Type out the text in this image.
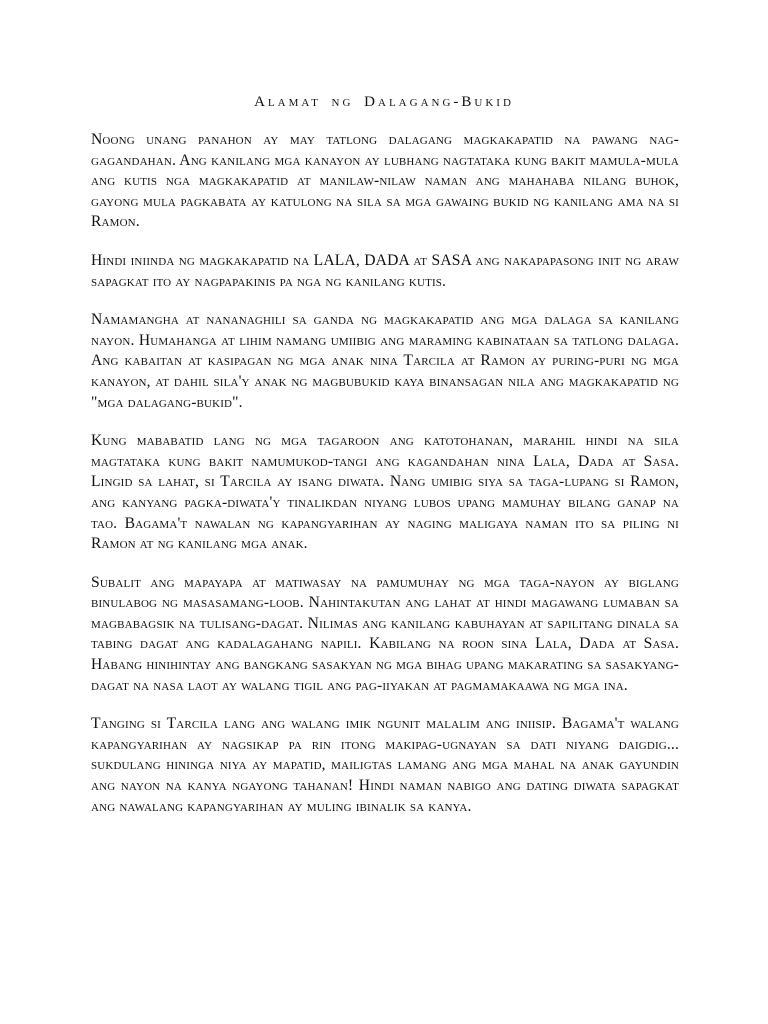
Alamat ng Dalagang-Bukid

Noong unang panahon ay may tatlong dalagang magkakapatid na pawang nag-gagandahan. Ang kanilang mga kanayon ay lubhang nagtataka kung bakit mamula-mula ang kutis nga magkakapatid at manilaw-nilaw naman ang mahahaba nilang buhok, gayong mula pagkabata ay katulong na sila sa mga gawaing bukid ng kanilang ama na si Ramon.

Hindi iniinda ng magkakapatid na LALA, DADA at SASA ang nakapapasong init ng araw sapagkat ito ay nagpapakinis pa nga ng kanilang kutis.

Namamangha at nananaghili sa ganda ng magkakapatid ang mga dalaga sa kanilang nayon. Humahanga at lihim namang umiibig ang maraming kabinataan sa tatlong dalaga. Ang kabaitan at kasipagan ng mga anak nina Tarcila at Ramon ay puring-puri ng mga kanayon, at dahil sila'y anak ng magbubukid kaya binansagan nila ang magkakapatid ng "mga dalagang-bukid".

Kung mababatid lang ng mga tagaroon ang katotohanan, marahil hindi na sila magtataka kung bakit namumukod-tangi ang kagandahan nina Lala, Dada at Sasa. Lingid sa lahat, si Tarcila ay isang diwata. Nang umibig siya sa taga-lupang si Ramon, ang kanyang pagka-diwata'y tinalikdan niyang lubos upang mamuhay bilang ganap na tao. Bagama't nawalan ng kapangyarihan ay naging maligaya naman ito sa piling ni Ramon at ng kanilang mga anak.

Subalit ang mapayapa at matiwasay na pamumuhay ng mga taga-nayon ay biglang binulabog ng masasamang-loob. Nahintakutan ang lahat at hindi magawang lumaban sa magbabagsik na tulisang-dagat. Nilimas ang kanilang kabuhayan at sapilitang dinala sa tabing dagat ang kadalagahang napili. Kabilang na roon sina Lala, Dada at Sasa. Habang hinihintay ang bangkang sasakyan ng mga bihag upang makarating sa sasakyang-dagat na nasa laot ay walang tigil ang pag-iiyakan at pagmamakaawa ng mga ina.

Tanging si Tarcila lang ang walang imik ngunit malalim ang iniisip. Bagama't walang kapangyarihan ay nagsikap pa rin itong makipag-ugnayan sa dati niyang daigdig... sukdulang hininga niya ay mapatid, mailigtas lamang ang mga mahal na anak gayundin ang nayon na kanya ngayong tahanan! Hindi naman nabigo ang dating diwata sapagkat ang nawalang kapangyarihan ay muling ibinalik sa kanya.
